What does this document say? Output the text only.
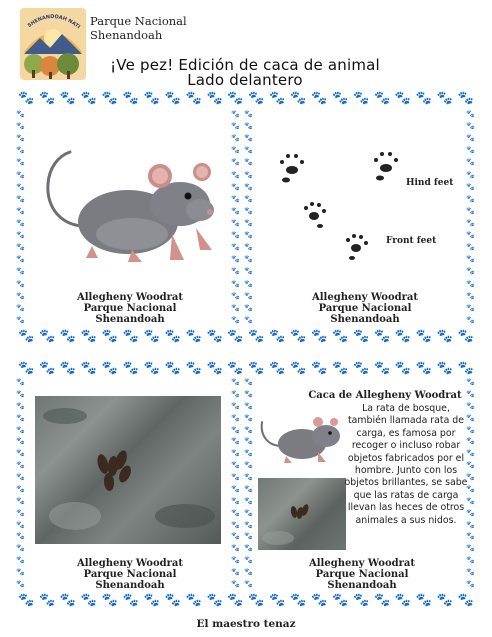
SHENANDOAH NATI Parque Nacional
Shenandoah
¡Ve pez! Edición de caca de animal
Lado delantero
🐾 🐾 🐾 🐾 🐾 🐾 🐾 🐾 🐾 🐾 🐾 🐾 🐾 🐾 🐾 🐾 🐾 🐾 🐾 🐾 🐾 🐾
🐾 🐾 🐾 🐾 🐾 🐾 🐾 🐾 🐾 🐾 🐾 🐾 🐾 🐾 🐾 🐾 🐾 🐾 🐾 🐾 🐾 🐾
🐾 🐾 🐾 🐾 🐾 🐾 🐾 🐾 🐾 🐾 🐾 🐾 🐾 🐾 🐾 🐾 🐾 🐾 🐾 🐾 🐾 🐾
🐾 🐾 🐾 🐾 🐾 🐾 🐾 🐾 🐾 🐾 🐾 🐾 🐾 🐾 🐾 🐾 🐾 🐾 🐾 🐾 🐾 🐾
🐾
🐾
🐾
🐾
🐾
🐾
🐾
🐾
🐾
🐾
🐾
🐾
🐾
🐾
🐾
🐾
🐾
🐾
🐾
🐾
🐾
🐾
🐾
🐾
🐾
🐾
🐾
🐾
🐾
🐾
🐾
🐾
🐾
🐾
🐾
🐾
🐾
🐾
🐾
🐾
🐾
🐾
🐾
🐾
🐾
🐾
🐾
🐾
🐾
🐾
🐾
🐾
🐾
🐾
🐾
🐾
🐾
🐾
🐾
🐾
🐾
🐾
🐾
🐾
🐾
🐾
🐾
🐾
🐾
🐾
🐾
🐾
🐾
🐾
🐾
🐾
🐾
🐾
🐾
🐾
🐾
🐾
🐾
🐾
🐾
🐾
🐾
🐾
🐾
🐾
🐾
🐾
🐾
🐾
🐾
🐾
🐾
🐾
🐾
🐾
🐾
🐾
🐾
🐾
🐾
🐾
🐾
🐾
🐾
🐾
🐾
🐾
🐾
🐾
🐾
🐾
🐾
🐾
🐾
🐾
🐾
🐾
🐾
🐾
🐾
🐾
🐾
🐾
🐾
🐾
🐾
🐾
🐾
🐾
🐾
🐾
🐾
🐾
🐾
🐾
🐾
🐾
🐾
🐾
Allegheny Woodrat
Parque Nacional
Shenandoah
Hind feet
Front feet
Allegheny Woodrat
Parque Nacional
Shenandoah
Allegheny Woodrat
Parque Nacional
Shenandoah
Caca de Allegheny Woodrat
La rata de bosque, también llamada rata de carga, es famosa por recoger o incluso robar objetos fabricados por el hombre. Junto con los objetos brillantes, se sabe que las ratas de carga llevan las heces de otros animales a sus nidos.
Allegheny Woodrat
Parque Nacional
Shenandoah
El maestro tenaz
